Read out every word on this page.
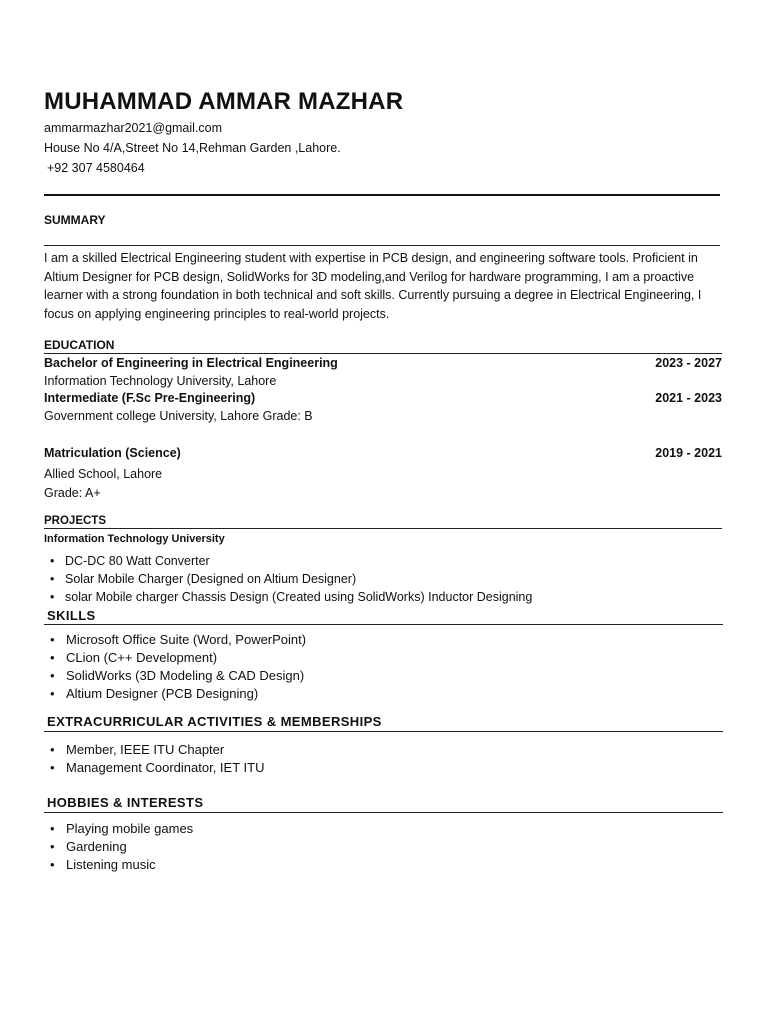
MUHAMMAD AMMAR MAZHAR
ammarmazhar2021@gmail.com
House No 4/A,Street No 14,Rehman Garden ,Lahore.
+92 307 4580464
SUMMARY
I am a skilled Electrical Engineering student with expertise in PCB design, and engineering software tools. Proficient in Altium Designer for PCB design, SolidWorks for 3D modeling,and Verilog for hardware programming, I am a proactive learner with a strong foundation in both technical and soft skills. Currently pursuing a degree in Electrical Engineering, I focus on applying engineering principles to real-world projects.
EDUCATION
Bachelor of Engineering in Electrical Engineering	2023 - 2027
Information Technology University, Lahore
Intermediate (F.Sc Pre-Engineering)	2021 - 2023
Government college University, Lahore Grade: B
Matriculation (Science)	2019 - 2021
Allied School, Lahore
Grade: A+
PROJECTS
Information Technology University
• DC-DC 80 Watt Converter
• Solar Mobile Charger (Designed on Altium Designer)
• solar Mobile charger Chassis Design (Created using SolidWorks) Inductor Designing
SKILLS
• Microsoft Office Suite (Word, PowerPoint)
• CLion (C++ Development)
• SolidWorks (3D Modeling & CAD Design)
• Altium Designer (PCB Designing)
EXTRACURRICULAR ACTIVITIES & MEMBERSHIPS
• Member, IEEE ITU Chapter
• Management Coordinator, IET ITU
HOBBIES & INTERESTS
• Playing mobile games
• Gardening
• Listening music
